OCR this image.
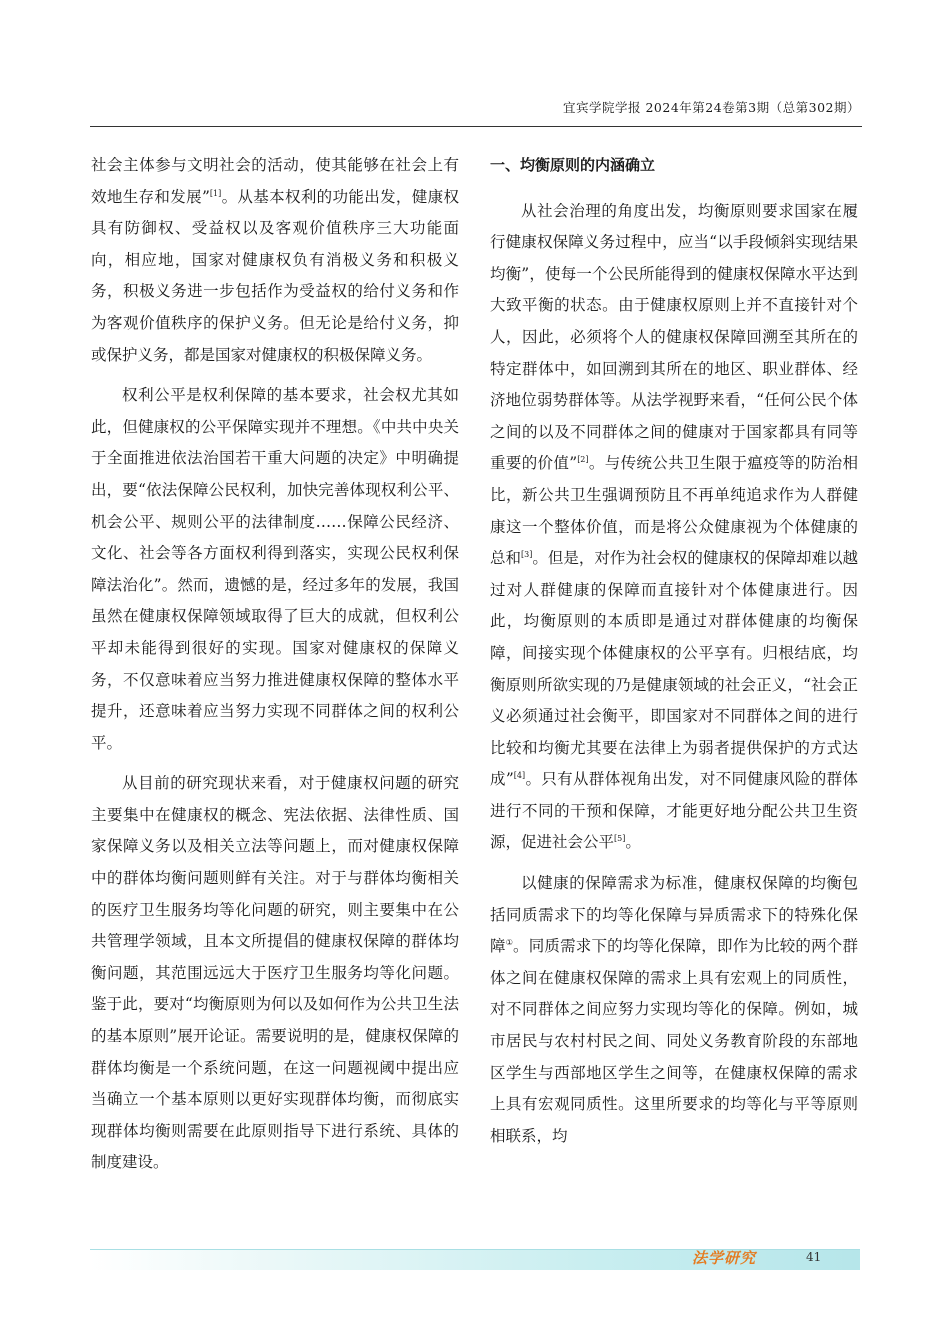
宜宾学院学报 2024年第24卷第3期（总第302期）

社会主体参与文明社会的活动，使其能够在社会上有效地生存和发展”[1]。从基本权利的功能出发，健康权具有防御权、受益权以及客观价值秩序三大功能面向，相应地，国家对健康权负有消极义务和积极义务，积极义务进一步包括作为受益权的给付义务和作为客观价值秩序的保护义务。但无论是给付义务，抑或保护义务，都是国家对健康权的积极保障义务。

权利公平是权利保障的基本要求，社会权尤其如此，但健康权的公平保障实现并不理想。《中共中央关于全面推进依法治国若干重大问题的决定》中明确提出，要“依法保障公民权利，加快完善体现权利公平、机会公平、规则公平的法律制度……保障公民经济、文化、社会等各方面权利得到落实，实现公民权利保障法治化”。然而，遗憾的是，经过多年的发展，我国虽然在健康权保障领域取得了巨大的成就，但权利公平却未能得到很好的实现。国家对健康权的保障义务，不仅意味着应当努力推进健康权保障的整体水平提升，还意味着应当努力实现不同群体之间的权利公平。

从目前的研究现状来看，对于健康权问题的研究主要集中在健康权的概念、宪法依据、法律性质、国家保障义务以及相关立法等问题上，而对健康权保障中的群体均衡问题则鲜有关注。对于与群体均衡相关的医疗卫生服务均等化问题的研究，则主要集中在公共管理学领域，且本文所提倡的健康权保障的群体均衡问题，其范围远远大于医疗卫生服务均等化问题。鉴于此，要对“均衡原则为何以及如何作为公共卫生法的基本原则”展开论证。需要说明的是，健康权保障的群体均衡是一个系统问题，在这一问题视阈中提出应当确立一个基本原则以更好实现群体均衡，而彻底实现群体均衡则需要在此原则指导下进行系统、具体的制度建设。

一、均衡原则的内涵确立

从社会治理的角度出发，均衡原则要求国家在履行健康权保障义务过程中，应当“以手段倾斜实现结果均衡”，使每一个公民所能得到的健康权保障水平达到大致平衡的状态。由于健康权原则上并不直接针对个人，因此，必须将个人的健康权保障回溯至其所在的特定群体中，如回溯到其所在的地区、职业群体、经济地位弱势群体等。从法学视野来看，“任何公民个体之间的以及不同群体之间的健康对于国家都具有同等重要的价值”[2]。与传统公共卫生限于瘟疫等的防治相比，新公共卫生强调预防且不再单纯追求作为人群健康这一个整体价值，而是将公众健康视为个体健康的总和[3]。但是，对作为社会权的健康权的保障却难以越过对人群健康的保障而直接针对个体健康进行。因此，均衡原则的本质即是通过对群体健康的均衡保障，间接实现个体健康权的公平享有。归根结底，均衡原则所欲实现的乃是健康领域的社会正义，“社会正义必须通过社会衡平，即国家对不同群体之间的进行比较和均衡尤其要在法律上为弱者提供保护的方式达成”[4]。只有从群体视角出发，对不同健康风险的群体进行不同的干预和保障，才能更好地分配公共卫生资源，促进社会公平[5]。

以健康的保障需求为标准，健康权保障的均衡包括同质需求下的均等化保障与异质需求下的特殊化保障①。同质需求下的均等化保障，即作为比较的两个群体之间在健康权保障的需求上具有宏观上的同质性，对不同群体之间应努力实现均等化的保障。例如，城市居民与农村村民之间、同处义务教育阶段的东部地区学生与西部地区学生之间等，在健康权保障的需求上具有宏观同质性。这里所要求的均等化与平等原则相联系，均

法学研究	41
